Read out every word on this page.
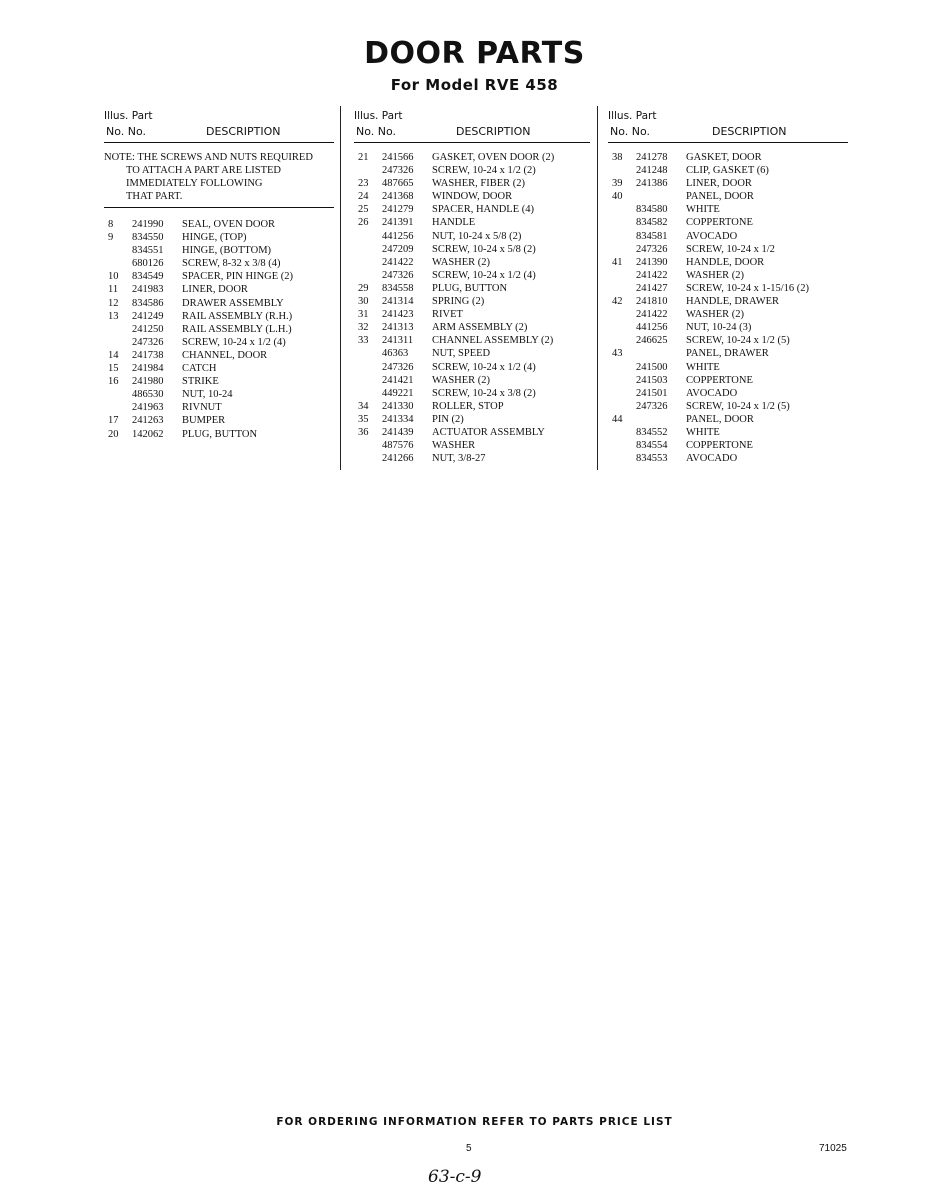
DOOR PARTS
For Model RVE 458
Illus. Part
No. No.	DESCRIPTION
NOTE: THE SCREWS AND NUTS REQUIRED
TO ATTACH A PART ARE LISTED
IMMEDIATELY FOLLOWING
THAT PART.
8 241990 SEAL, OVEN DOOR
9 834550 HINGE, (TOP)
834551 HINGE, (BOTTOM)
680126 SCREW, 8-32 x 3/8 (4)
10 834549 SPACER, PIN HINGE (2)
11 241983 LINER, DOOR
12 834586 DRAWER ASSEMBLY
13 241249 RAIL ASSEMBLY (R.H.)
241250 RAIL ASSEMBLY (L.H.)
247326 SCREW, 10-24 x 1/2 (4)
14 241738 CHANNEL, DOOR
15 241984 CATCH
16 241980 STRIKE
486530 NUT, 10-24
241963 RIVNUT
17 241263 BUMPER
20 142062 PLUG, BUTTON
Illus. Part
No. No.	DESCRIPTION
21 241566 GASKET, OVEN DOOR (2)
247326 SCREW, 10-24 x 1/2 (2)
23 487665 WASHER, FIBER (2)
24 241368 WINDOW, DOOR
25 241279 SPACER, HANDLE (4)
26 241391 HANDLE
441256 NUT, 10-24 x 5/8 (2)
247209 SCREW, 10-24 x 5/8 (2)
241422 WASHER (2)
247326 SCREW, 10-24 x 1/2 (4)
29 834558 PLUG, BUTTON
30 241314 SPRING (2)
31 241423 RIVET
32 241313 ARM ASSEMBLY (2)
33 241311 CHANNEL ASSEMBLY (2)
46363 NUT, SPEED
247326 SCREW, 10-24 x 1/2 (4)
241421 WASHER (2)
449221 SCREW, 10-24 x 3/8 (2)
34 241330 ROLLER, STOP
35 241334 PIN (2)
36 241439 ACTUATOR ASSEMBLY
487576 WASHER
241266 NUT, 3/8-27
Illus. Part
No. No.	DESCRIPTION
38 241278 GASKET, DOOR
241248 CLIP, GASKET (6)
39 241386 LINER, DOOR
40	PANEL, DOOR
834580 WHITE
834582 COPPERTONE
834581 AVOCADO
247326 SCREW, 10-24 x 1/2
41 241390 HANDLE, DOOR
241422 WASHER (2)
241427 SCREW, 10-24 x 1-15/16 (2)
42 241810 HANDLE, DRAWER
241422 WASHER (2)
441256 NUT, 10-24 (3)
246625 SCREW, 10-24 x 1/2 (5)
43	PANEL, DRAWER
241500 WHITE
241503 COPPERTONE
241501 AVOCADO
247326 SCREW, 10-24 x 1/2 (5)
44	PANEL, DOOR
834552 WHITE
834554 COPPERTONE
834553 AVOCADO
FOR ORDERING INFORMATION REFER TO PARTS PRICE LIST
5	71025
63-c-9
